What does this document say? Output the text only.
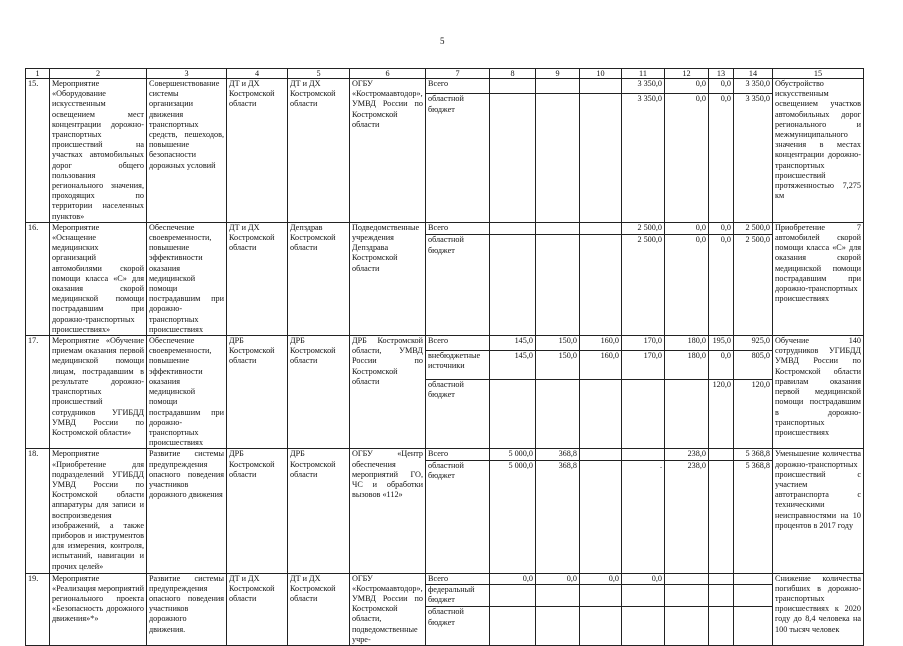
5
1	2	3	4	5	6	7	8	9	10	11	12	13	14	15
15.	Мероприятие «Оборудование искусственным освещением мест концентрации дорожно-транспортных происшествий на участках автомобильных дорог общего пользования регионального значения, проходящих по территории населенных пунктов»	Совершенствование системы организации движения транспортных средств, пешеходов, повышение безопасности дорожных условий	ДТ и ДХ Костромской области	ДТ и ДХ Костромской области	ОГБУ «Костромаавтодор», УМВД России по Костромской области	Всего				3 350,0	0,0	0,0	3 350,0	Обустройство искусственным освещением участков автомобильных дорог регионального и межмуниципального значения в местах концентрации дорожно-транспортных происшествий протяженностью 7,275 км
						областной бюджет				3 350,0	0,0	0,0	3 350,0	
16.	Мероприятие «Оснащение медицинских организаций автомобилями скорой помощи класса «С» для оказания скорой медицинской помощи пострадавшим при дорожно-транспортных происшествиях»	Обеспечение своевременности, повышение эффективности оказания медицинской помощи пострадавшим при дорожно-транспортных происшествиях	ДТ и ДХ Костромской области	Депздрав Костромской области	Подведомственные учреждения Депздрава Костромской области	Всего				2 500,0	0,0	0,0	2 500,0	Приобретение 7 автомобилей скорой помощи класса «С» для оказания скорой медицинской помощи пострадавшим при дорожно-транспортных происшествиях
						областной бюджет				2 500,0	0,0	0,0	2 500,0	
17.	Мероприятие «Обучение приемам оказания первой медицинской помощи лицам, пострадавшим в результате дорожно-транспортных происшествий сотрудников УГИБДД УМВД России по Костромской области»	Обеспечение своевременности, повышение эффективности оказания медицинской помощи пострадавшим при дорожно-транспортных происшествиях	ДРБ Костромской области	ДРБ Костромской области	ДРБ Костромской области, УМВД России по Костромской области	Всего	145,0	150,0	160,0	170,0	180,0	195,0	925,0	Обучение 140 сотрудников УГИБДД УМВД России по Костромской области правилам оказания первой медицинской помощи пострадавшим в дорожно-транспортных происшествиях
						внебюджетные источники	145,0	150,0	160,0	170,0	180,0	0,0	805,0	
						областной бюджет						120,0	120,0	
18.	Мероприятие «Приобретение для подразделений УГИБДД УМВД России по Костромской области аппаратуры для записи и воспроизведения изображений, а также приборов и инструментов для измерения, контроля, испытаний, навигации и прочих целей»	Развитие системы предупреждения опасного поведения участников дорожного движения	ДРБ Костромской области	ДРБ Костромской области	ОГБУ «Центр обеспечения мероприятий ГО, ЧС и обработки вызовов «112»	Всего	5 000,0	368,8			238,0		5 368,8	Уменьшение количества дорожно-транспортных происшествий с участием автотранспорта с техническими неисправностями на 10 процентов в 2017 году
						областной бюджет	5 000,0	368,8		.	238,0		5 368,8	
19.	Мероприятие «Реализация мероприятий регионального проекта «Безопасность дорожного движения»*»	Развитие системы предупреждения опасного поведения участников дорожного движения.	ДТ и ДХ Костромской области	ДТ и ДХ Костромской области	ОГБУ «Костромаавтодор», УМВД России по Костромской области, подведомственные учре-	Всего	0,0	0,0	0,0	0,0				Снижение количества погибших в дорожно-транспортных происшествиях к 2020 году до 8,4 человека на 100 тысяч человек
						федеральный бюджет								
						областной бюджет								
